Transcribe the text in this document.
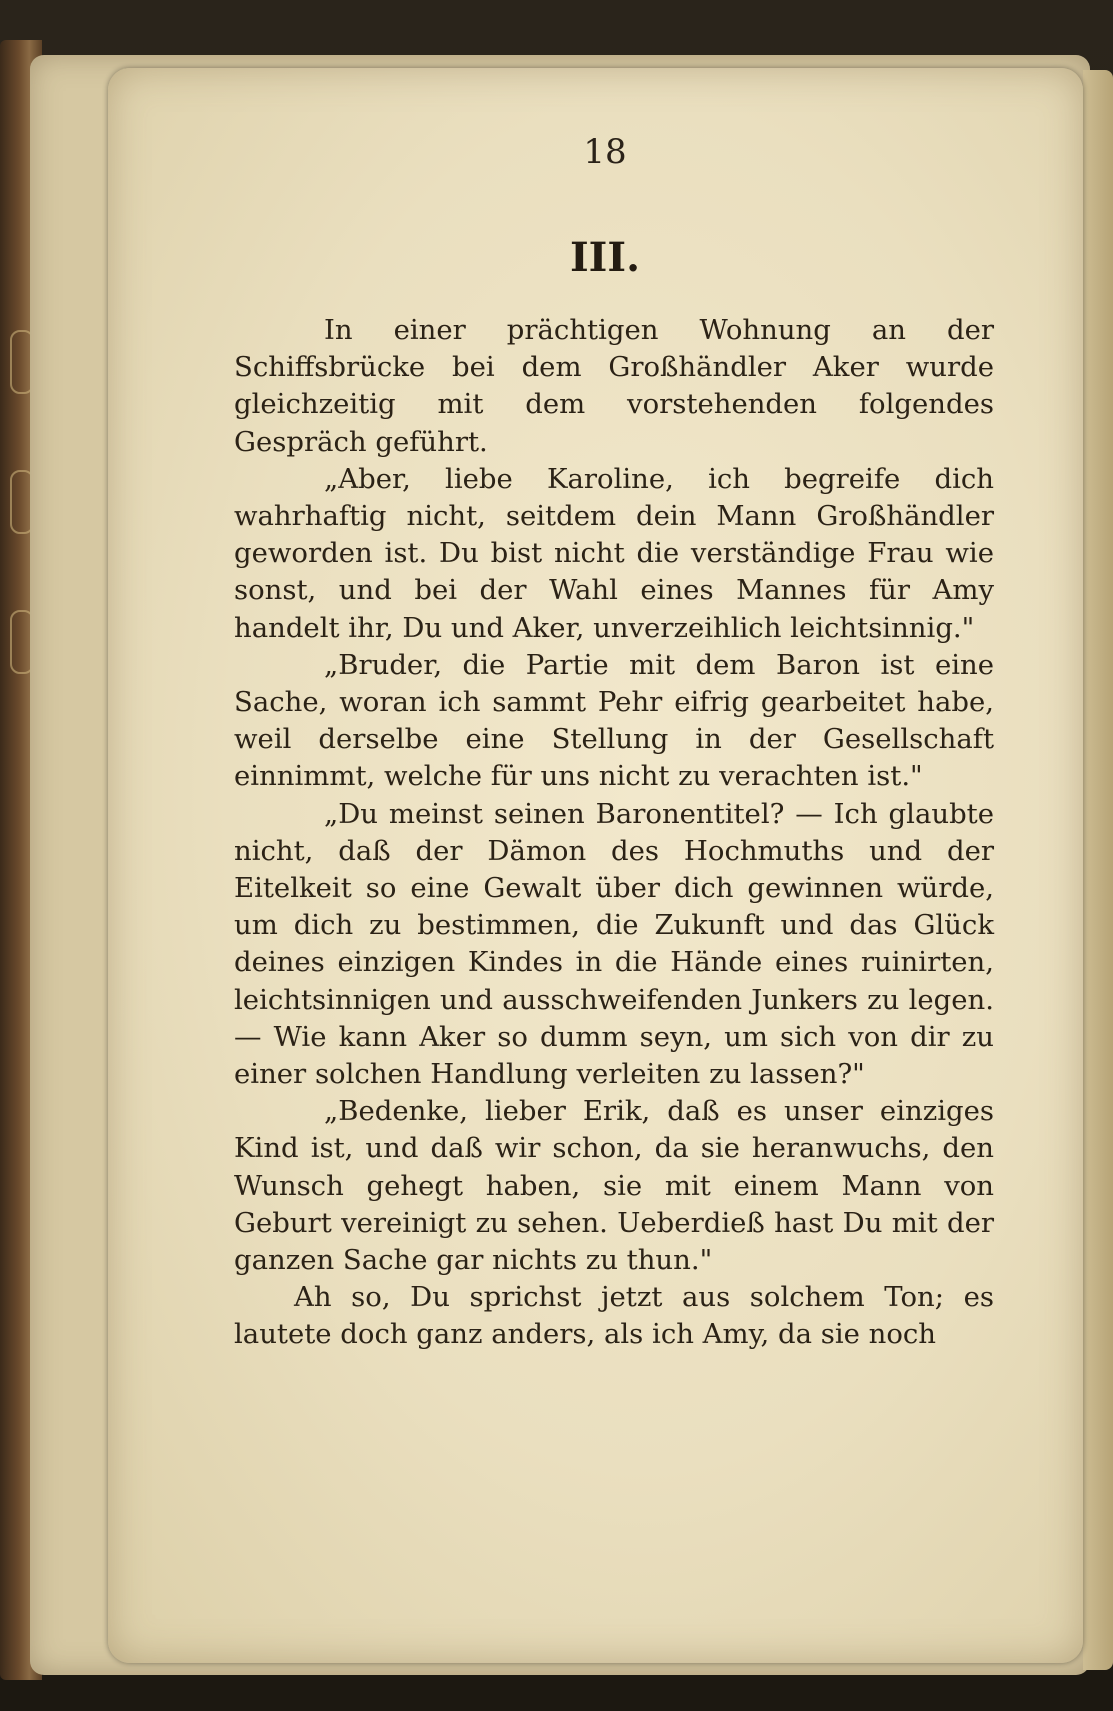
18
III.

In einer prächtigen Wohnung an der Schiffsbrücke bei dem Großhändler Aker wurde gleichzeitig mit dem vorstehenden folgendes Gespräch geführt.

„Aber, liebe Karoline, ich begreife dich wahrhaftig nicht, seitdem dein Mann Großhändler geworden ist. Du bist nicht die verständige Frau wie sonst, und bei der Wahl eines Mannes für Amy handelt ihr, Du und Aker, unverzeihlich leichtsinnig."

„Bruder, die Partie mit dem Baron ist eine Sache, woran ich sammt Pehr eifrig gearbeitet habe, weil derselbe eine Stellung in der Gesellschaft einnimmt, welche für uns nicht zu verachten ist."

„Du meinst seinen Baronentitel? — Ich glaubte nicht, daß der Dämon des Hochmuths und der Eitelkeit so eine Gewalt über dich gewinnen würde, um dich zu bestimmen, die Zukunft und das Glück deines einzigen Kindes in die Hände eines ruinirten, leichtsinnigen und ausschweifenden Junkers zu legen. — Wie kann Aker so dumm seyn, um sich von dir zu einer solchen Handlung verleiten zu lassen?"

„Bedenke, lieber Erik, daß es unser einziges Kind ist, und daß wir schon, da sie heranwuchs, den Wunsch gehegt haben, sie mit einem Mann von Geburt vereinigt zu sehen. Ueberdieß hast Du mit der ganzen Sache gar nichts zu thun."

Ah so, Du sprichst jetzt aus solchem Ton; es lautete doch ganz anders, als ich Amy, da sie noch
